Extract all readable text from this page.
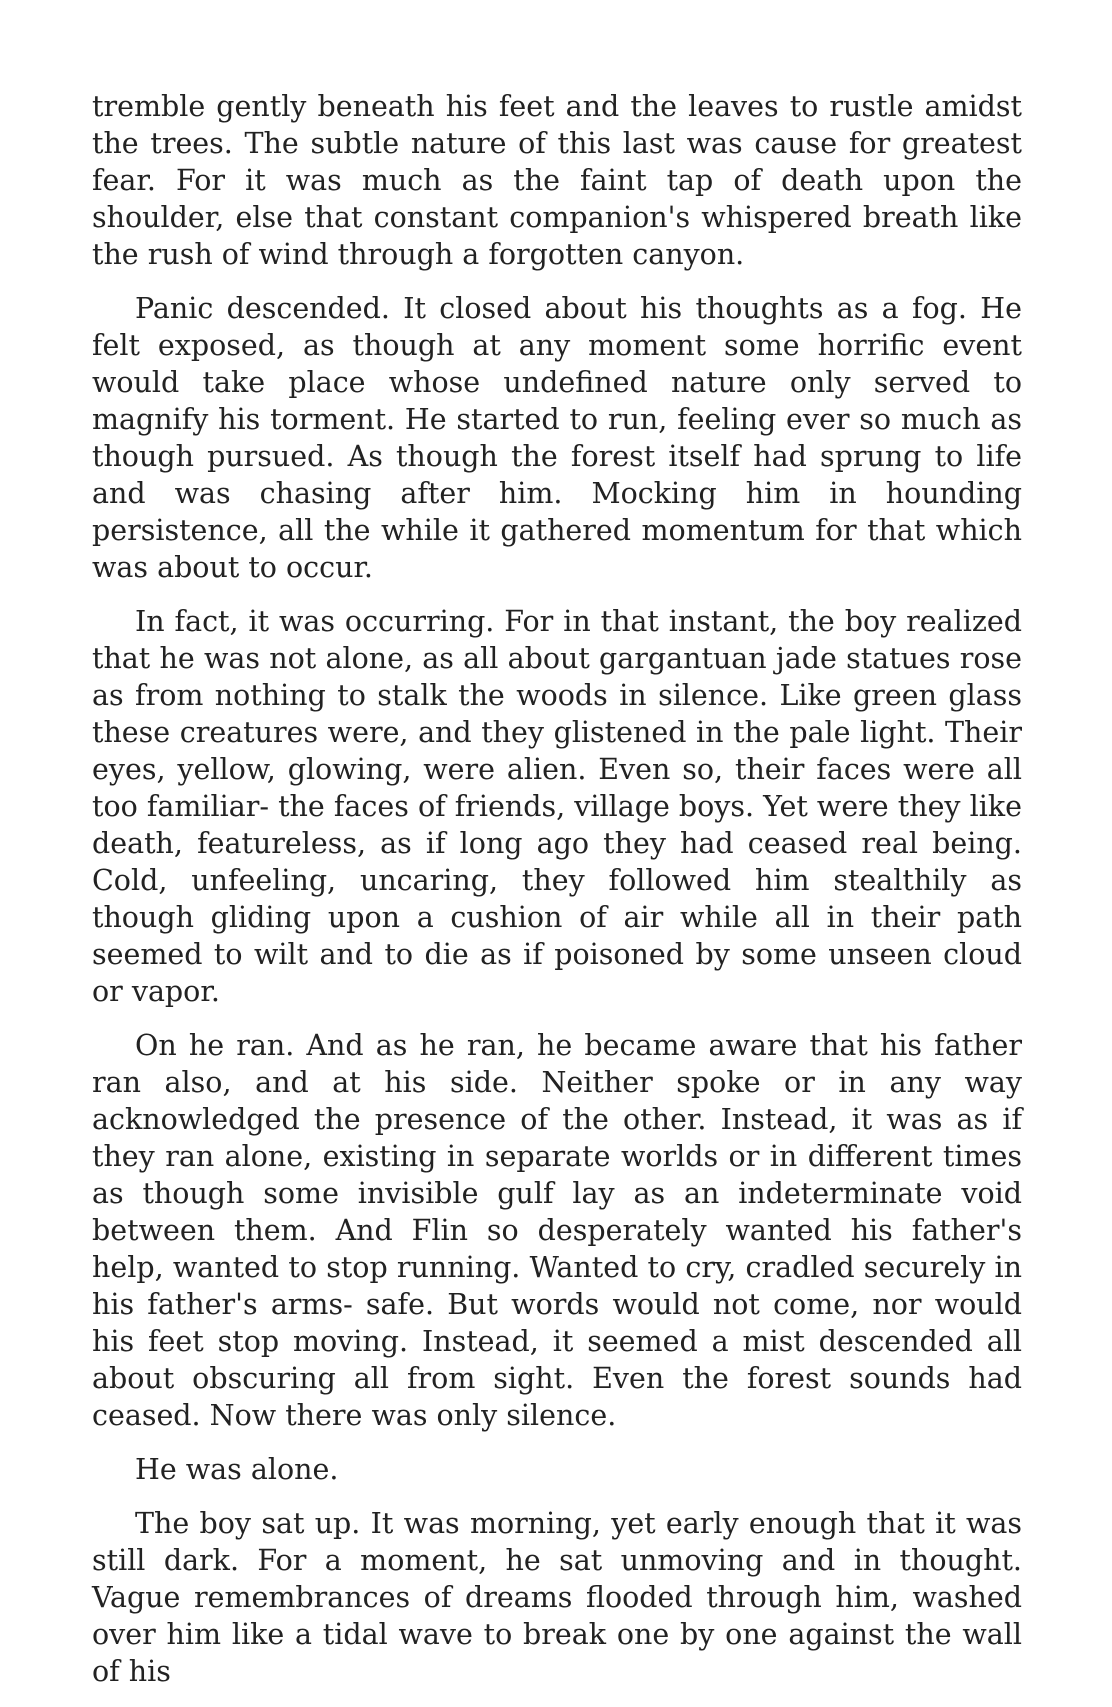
tremble gently beneath his feet and the leaves to rustle amidst the trees. The subtle nature of this last was cause for greatest fear. For it was much as the faint tap of death upon the shoulder, else that constant companion's whispered breath like the rush of wind through a forgotten canyon.

Panic descended. It closed about his thoughts as a fog. He felt exposed, as though at any moment some horrific event would take place whose undefined nature only served to magnify his torment. He started to run, feeling ever so much as though pursued. As though the forest itself had sprung to life and was chasing after him. Mocking him in hounding persistence, all the while it gathered momentum for that which was about to occur.

In fact, it was occurring. For in that instant, the boy realized that he was not alone, as all about gargantuan jade statues rose as from nothing to stalk the woods in silence. Like green glass these creatures were, and they glistened in the pale light. Their eyes, yellow, glowing, were alien. Even so, their faces were all too familiar- the faces of friends, village boys. Yet were they like death, featureless, as if long ago they had ceased real being. Cold, unfeeling, uncaring, they followed him stealthily as though gliding upon a cushion of air while all in their path seemed to wilt and to die as if poisoned by some unseen cloud or vapor.

On he ran. And as he ran, he became aware that his father ran also, and at his side. Neither spoke or in any way acknowledged the presence of the other. Instead, it was as if they ran alone, existing in separate worlds or in different times as though some invisible gulf lay as an indeterminate void between them. And Flin so desperately wanted his father's help, wanted to stop running. Wanted to cry, cradled securely in his father's arms- safe. But words would not come, nor would his feet stop moving. Instead, it seemed a mist descended all about obscuring all from sight. Even the forest sounds had ceased. Now there was only silence.

He was alone.

The boy sat up. It was morning, yet early enough that it was still dark. For a moment, he sat unmoving and in thought. Vague remembrances of dreams flooded through him, washed over him like a tidal wave to break one by one against the wall of his
